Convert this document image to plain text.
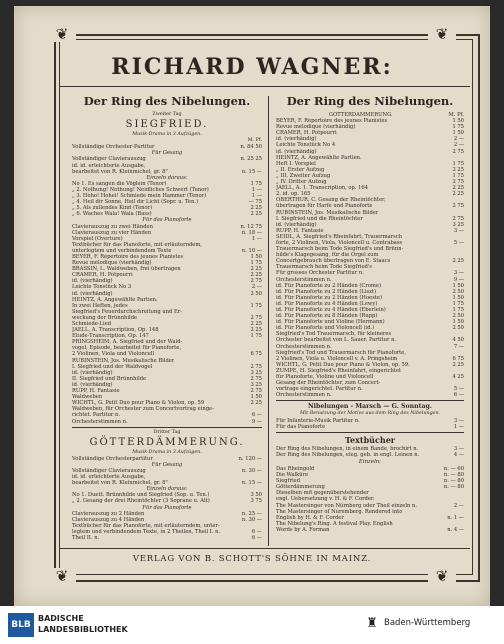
❦	❦
❦	❦
RICHARD WAGNER:
Der Ring des Nibelungen.
Zweiter Tag
SIEGFRIED.
Musik-Drama in 3 Aufzügen.
M. Pf.
Vollständige Orchester-Partitur	n. 84 50
Für Gesang
Vollständiger Clavierauszug	n. 25 25
id. id. erleichterte Ausgabe,
bearbeitet von R. Kleinmichel, gr. 8°	n. 15 —
Einzeln daraus:
No 1. Es sangen die Vöglein (Tenor)	1 75
„ 2. Nothung! Nothung! Neidliches Schwert (Tenor)	1 —
„ 3. Hoho! Hohei! Schmiede mein Hammer (Tenor)	1 —
„ 4. Heil dir Sonne, Heil dir Licht (Sopr. u. Ten.)	— 75
„ 5. Als zullendes Kind (Tenor)	2 25
„ 6. Waches Wala! Wala (Bass)	2 25
Für das Pianoforte
Clavierauszug zu zwei Händen	n. 12 75
Clavierauszug zu vier Händen	n. 18 —
Vorspiel (Overture)	1 —
Textbücher für das Pianoforte, mit erläuterndem,
unterlegtem und verbindendem Texte	n. 10 —
BEYER, F. Répertoire des jeunes Pianistes	1 50
Revue mélodique (vierhändig)	1 75
BRASSIN, L. Waldweben, frei übertragen	2 25
CRAMER, H. Potpourri	2 25
id. (vierhändig)	2 75
Leichte Tonstück No 3	2 —
id. (vierhändig)	2 50
HEINTZ, A. Angewählte Partien.
In zwei Heften, jedes	1 75
Siegfried's Feuerdurchschreitung und Er-
weckung der Brünnhilde	2 75
Schmiede-Lied	2 25
JAELL, A. Transcription, Op. 148	2 25
Etude-Transcription, Op. 147	1 75
PRINGSHEIM, A. Siegfried und der Wald-
vogel, Episode, bearbeitet für Pianoforte,
2 Violinen, Viola und Violoncell	6 75
RUBINSTEIN, Jos. Musikalische Bilder
I. Siegfried und der Waldvogel	2 75
id. (vierhändig)	3 25
II. Siegfried und Brünnhilde	2 75
id. (vierhändig)	3 25
RUPP, H. Fantasie	2 75
Waldweben	1 50
WICHTL, G. Petit Duo pour Piano & Violon, op. 59	2 25
Waldweben, für Orchester zum Concertvortrag einge-
richtet. Partitur n.	6 —
Orchesterstimmen n.	9 —
Dritter Tag
GÖTTERDÄMMERUNG.
Musik-Drama in 3 Aufzügen.
Vollständige Orchesterpartitur	n. 120 —
Für Gesang
Vollständiger Clavierauszug	n. 30 —
id. id. erleichterte Ausgabe,
bearbeitet von R. Kleinmichel, gr. 8°	n. 15 —
Einzeln daraus:
No 1. Duett. Brünnhilde und Siegfried (Sop. u. Ten.)	3 50
„ 2. Gesang der drei Rheintöchter (3 Soprane u. Alt)	3 75
Für das Pianoforte
Clavierauszug zu 2 Händen	n. 25 —
Clavierauszug zu 4 Händen	n. 30 —
Textbücher für das Pianoforte, mit erläuterndem, unter-
legtem und verbindendem Texte, in 2 Theilen, Theil I. n.	6 —
Theil II. n.	6 —
Der Ring des Nibelungen.
GÖTTERDÄMMERUNG.	M. Pf.
BEYER, F. Répertoire des jeunes Pianistes	1 50
Revue mélodique (vierhändig)	1 75
CRAMER, H. Potpourri	1 50
id. (vierhändig)	2 —
Leichte Tonstück No 4	2 —
id. (vierhändig)	2 75
HEINTZ, A. Angewählte Partien.
Heft I. Vorspiel	1 75
„ II. Erster Aufzug	2 25
„ III. Zweiter Aufzug	1 75
„ IV. Dritter Aufzug	2 75
JAELL, A. 1. Transcription, op. 164	2 25
2. id. op. 165	2 25
OBERTHÜR, C. Gesang der Rheintöchter,
übertragen für Harfe und Pianoforte	2 75
RUBINSTEIN, Jos. Musikalische Bilder
I. Siegfried und die Rheintöchter	2 75
id. (vierhändig)	3 25
RUPP, H. Fantasie	3 —
SEIDL, A. Siegfried's Rheinfahrt, Trauermarsch
forte, 2 Violinen, Viola, Violoncell u. Contrabass	5 —
Trauermarsch beim Tode Siegfried's und Brünn-
hilde's Klagegesang, für die Orgel zum
Concertgebrauch übertragen von E. Staacs	2 25
Trauermarsch beim Tode Siegfried's
Für grosses Orchester Partitur n.	3 —
Orchesterstimmen n.	9 —
id. Für Pianoforte zu 2 Händen (Crome)	1 50
id. Für Pianoforte zu 2 Händen (Liszt)	2 50
id. Für Pianoforte zu 2 Händen (Hoeste)	1 50
id. Für Pianoforte zu 4 Händen (Lewy)	1 75
id. Für Pianoforte zu 4 Händen (Eberlein)	1 75
id. Für Pianoforte zu 8 Händen (Rupp)	2 50
id. Für Pianoforte und Violine (Hermann)	1 50
id. Für Pianoforte und Violoncell (id.)	2 50
Siegfried's Tod Trauermarsch, für kleineres
Orchester bearbeitet von L. Sauer. Partitur n.	4 50
Orchesterstimmen n.	7 —
Siegfried's Tod und Trauermarsch für Pianoforte,
2 Violinen, Viola u. Violoncell v. A. Pringsheim	6 75
WICHTL, G. Petit Duo pour Piano & Violon, op. 59.	2 25
ZUMPE, H. Siegfried's Rheinfahrt, eingerichtet
für Pianoforte, Violine und Violoncell	4 25
Gesang der Rheintöchter, zum Concert-
vortrage eingerichtet. Partitur n.	5 —
Orchesterstimmen n.	6 —
Nibelungen - Marsch — G. Sonntag.
Mit Benutzung der Motive aus dem Ring des Nibelungen.
Für Infanterie-Musik Partitur n.	3 —
Für das Pianoforte	1 —
Textbücher
Der Ring des Nibelungen, in einem Bande, brochirt n.	3 —
Der Ring des Nibelungen, eleg. geb. in engl. Leinen n.	4 —
Einzeln:
Das Rheingold	n. — 60
Die Walküre	n. — 80
Siegfried	n. — 80
Götterdämmerung	n. — 80
Dieselben mit gegenüberstehender
engl. Uebersetzung v. H. & F. Corder.
The Mastersinger von Nürnberg oder Theil einzeln n.	2 —
The Mastersinger of Nuremberg. Rendered into
English by H. & F. Corder	n. 1 —
The Nibelung's Ring. A festival Play. English
Words by A. Forman	n. 4 —
VERLAG VON B. SCHOTT'S SÖHNE IN MAINZ.
BLB
BADISCHE
LANDESBIBLIOTHEK	♜ Baden-Württemberg
